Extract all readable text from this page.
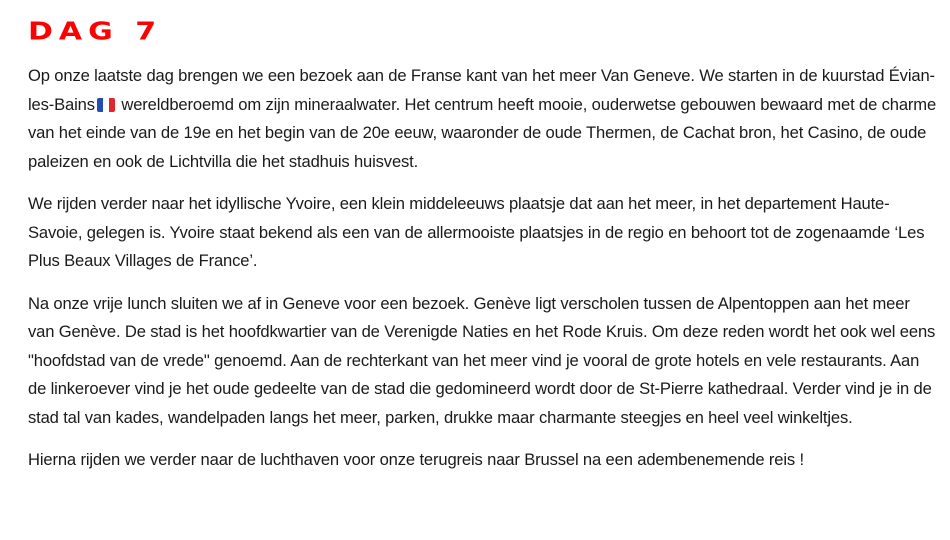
DAG 7

Op onze laatste dag brengen we een bezoek aan de Franse kant van het meer Van Geneve. We starten in de kuurstad Évian-les-Bains
wereldberoemd om zijn mineraalwater. Het centrum heeft mooie, ouderwetse gebouwen bewaard met de charme van het einde van de 19e en het begin van de 20e eeuw, waaronder de oude Thermen, de Cachat bron, het Casino, de oude paleizen en ook de Lichtvilla die het stadhuis huisvest.

We rijden verder naar het idyllische Yvoire, een klein middeleeuws plaatsje dat aan het meer, in het departement Haute-Savoie, gelegen is. Yvoire staat bekend als een van de allermooiste plaatsjes in de regio en behoort tot de zogenaamde ‘Les Plus Beaux Villages de France’.

Na onze vrije lunch sluiten we af in Geneve voor een bezoek. Genève ligt verscholen tussen de Alpentoppen aan het meer van Genève. De stad is het hoofdkwartier van de Verenigde Naties en het Rode Kruis. Om deze reden wordt het ook wel eens "hoofdstad van de vrede" genoemd. Aan de rechterkant van het meer vind je vooral de grote hotels en vele restaurants. Aan de linkeroever vind je het oude gedeelte van de stad die gedomineerd wordt door de St-Pierre kathedraal. Verder vind je in de stad tal van kades, wandelpaden langs het meer, parken, drukke maar charmante steegjes en heel veel winkeltjes.

Hierna rijden we verder naar de luchthaven voor onze terugreis naar Brussel na een adembenemende reis !
